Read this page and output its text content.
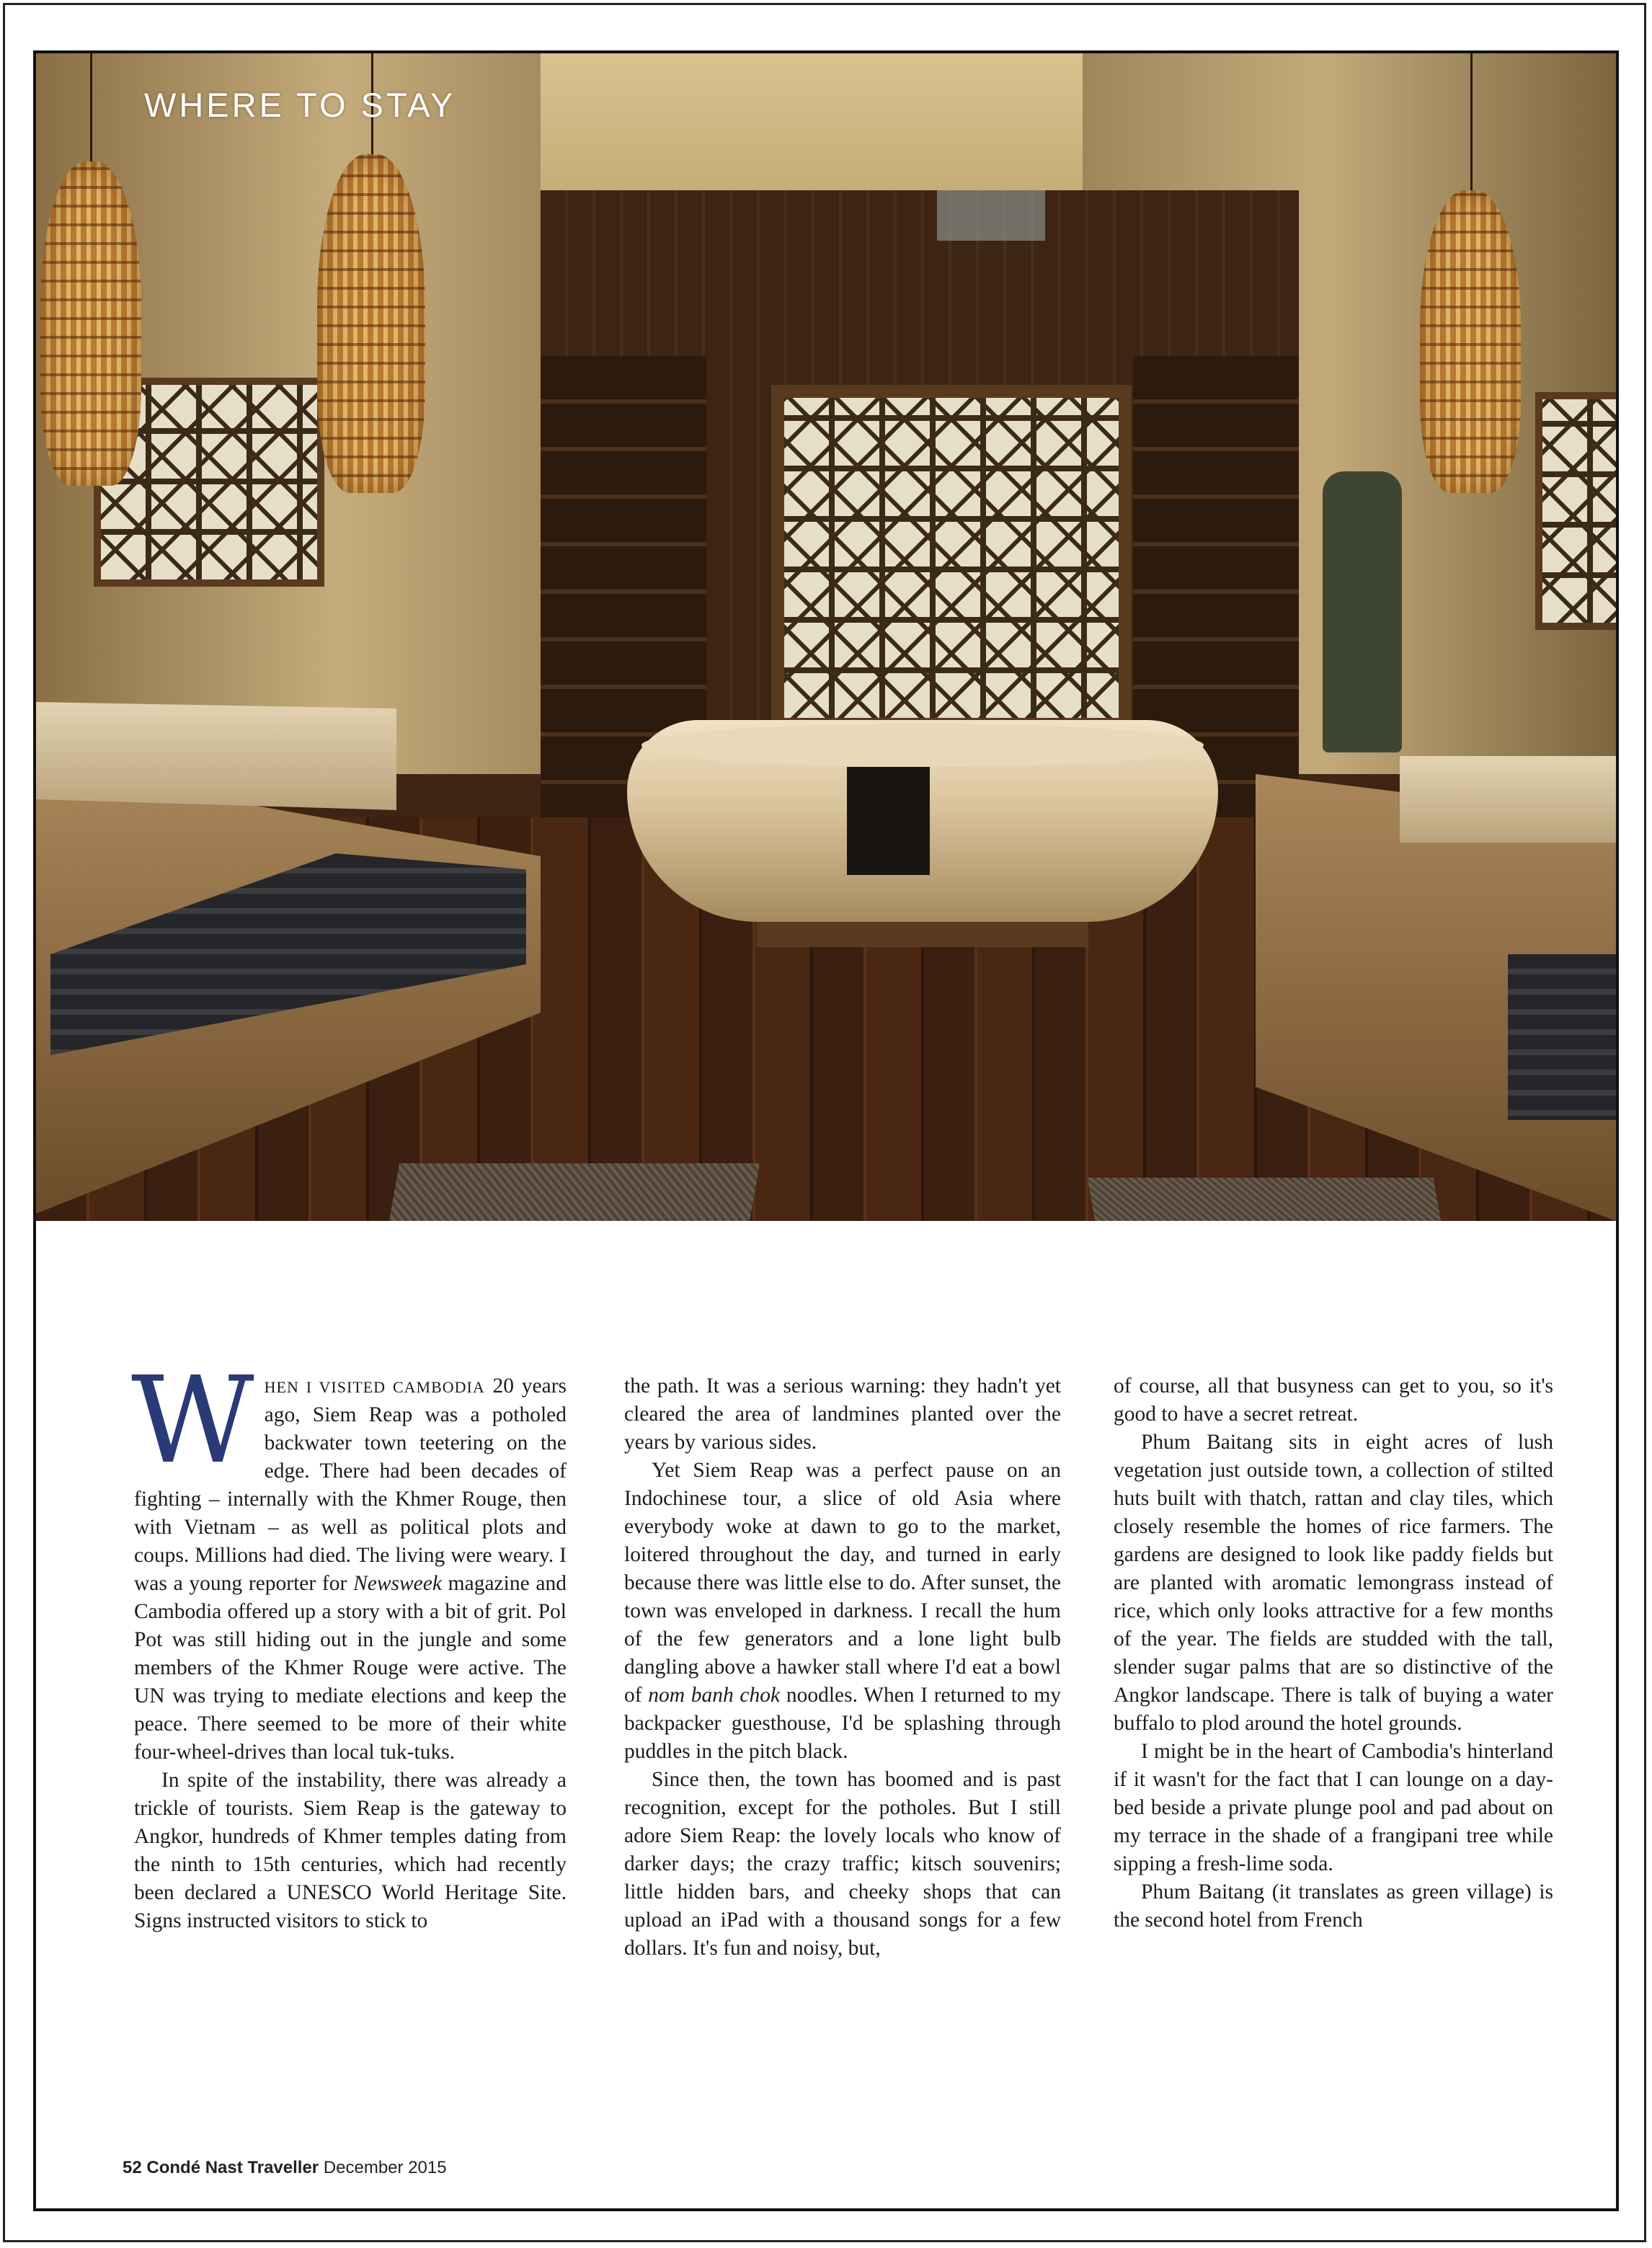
WHERE TO STAY

W HEN I VISITED CAMBODIA 20 years ago, Siem Reap was a potholed backwater town teetering on the edge. There had been decades of fighting – internally with the Khmer Rouge, then with Vietnam – as well as political plots and coups. Millions had died. The living were weary. I was a young reporter for Newsweek magazine and Cambodia offered up a story with a bit of grit. Pol Pot was still hiding out in the jungle and some members of the Khmer Rouge were active. The UN was trying to mediate elections and keep the peace. There seemed to be more of their white four-wheel-drives than local tuk-tuks.

In spite of the instability, there was already a trickle of tourists. Siem Reap is the gateway to Angkor, hundreds of Khmer temples dating from the ninth to 15th centuries, which had recently been declared a UNESCO World Heritage Site. Signs instructed visitors to stick to

the path. It was a serious warning: they hadn't yet cleared the area of landmines planted over the years by various sides.

Yet Siem Reap was a perfect pause on an Indochinese tour, a slice of old Asia where everybody woke at dawn to go to the market, loitered throughout the day, and turned in early because there was little else to do. After sunset, the town was enveloped in darkness. I recall the hum of the few generators and a lone light bulb dangling above a hawker stall where I'd eat a bowl of nom banh chok noodles. When I returned to my backpacker guesthouse, I'd be splashing through puddles in the pitch black.

Since then, the town has boomed and is past recognition, except for the potholes. But I still adore Siem Reap: the lovely locals who know of darker days; the crazy traffic; kitsch souvenirs; little hidden bars, and cheeky shops that can upload an iPad with a thousand songs for a few dollars. It's fun and noisy, but,

of course, all that busyness can get to you, so it's good to have a secret retreat.

Phum Baitang sits in eight acres of lush vegetation just outside town, a collection of stilted huts built with thatch, rattan and clay tiles, which closely resemble the homes of rice farmers. The gardens are designed to look like paddy fields but are planted with aromatic lemongrass instead of rice, which only looks attractive for a few months of the year. The fields are studded with the tall, slender sugar palms that are so distinctive of the Angkor landscape. There is talk of buying a water buffalo to plod around the hotel grounds.

I might be in the heart of Cambodia's hinterland if it wasn't for the fact that I can lounge on a day-bed beside a private plunge pool and pad about on my terrace in the shade of a frangipani tree while sipping a fresh-lime soda.

Phum Baitang (it translates as green village) is the second hotel from French

52 Condé Nast Traveller December 2015
